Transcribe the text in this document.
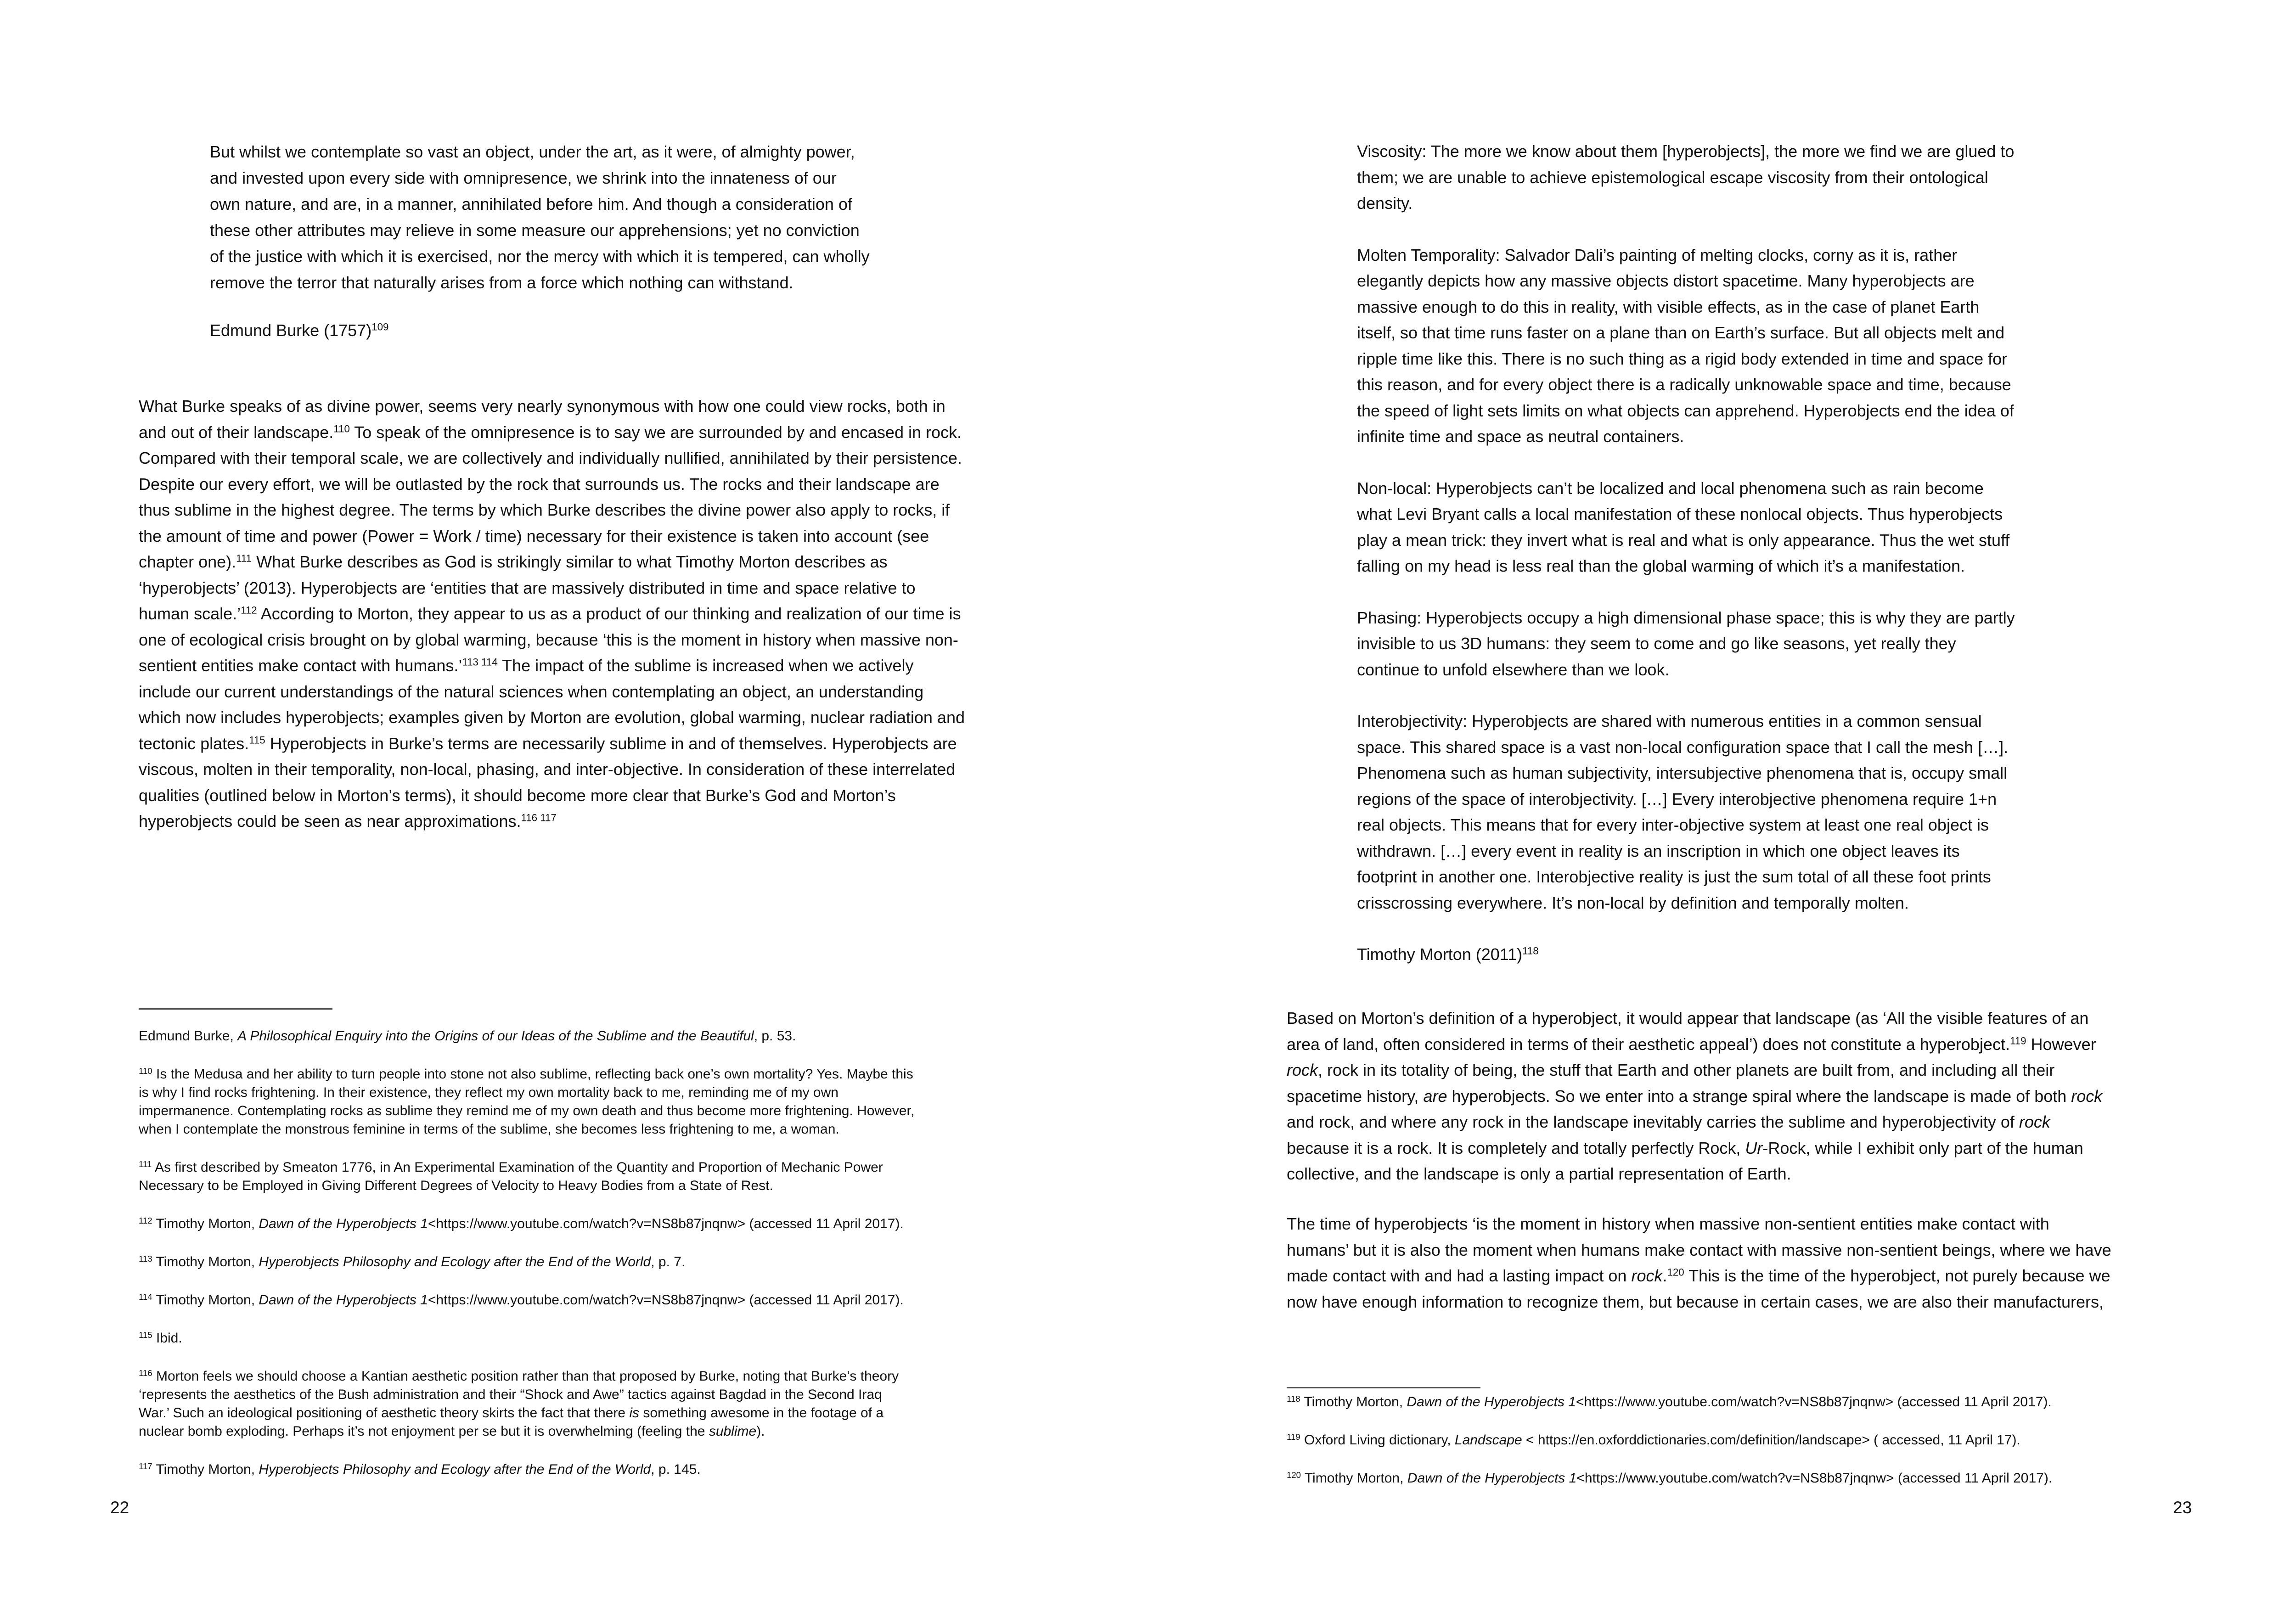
But whilst we contemplate so vast an object, under the art, as it were, of almighty power,
and invested upon every side with omnipresence, we shrink into the innateness of our
own nature, and are, in a manner, annihilated before him. And though a consideration of
these other attributes may relieve in some measure our apprehensions; yet no conviction
of the justice with which it is exercised, nor the mercy with which it is tempered, can wholly
remove the terror that naturally arises from a force which nothing can withstand.
Edmund Burke $(1757)^{109}$
What Burke speaks of as divine power, seems very nearly synonymous with how one could view rocks, both in
and out of their landscape.$^{110}$ To speak of the omnipresence is to say we are surrounded by and encased in rock.
Compared with their temporal scale, we are collectively and individually nullified, annihilated by their persistence.
Despite our every effort, we will be outlasted by the rock that surrounds us. The rocks and their landscape are
thus sublime in the highest degree. The terms by which Burke describes the divine power also apply to rocks, if
the amount of time and power (Power = Work / time) necessary for their existence is taken into account (see
chapter one).$^{111}$ What Burke describes as God is strikingly similar to what Timothy Morton describes as
‘hyperobjects’ (2013). Hyperobjects are ‘entities that are massively distributed in time and space relative to
human scale.’$^{112}$ According to Morton, they appear to us as a product of our thinking and realization of our time is
one of ecological crisis brought on by global warming, because ‘this is the moment in history when massive non-
sentient entities make contact with humans.’$^{113 114}$ The impact of the sublime is increased when we actively
include our current understandings of the natural sciences when contemplating an object, an understanding
which now includes hyperobjects; examples given by Morton are evolution, global warming, nuclear radiation and
tectonic plates.$^{115}$ Hyperobjects in Burke’s terms are necessarily sublime in and of themselves. Hyperobjects are
viscous, molten in their temporality, non-local, phasing, and inter-objective. In consideration of these interrelated
qualities (outlined below in Morton’s terms), it should become more clear that Burke’s God and Morton’s
hyperobjects could be seen as near approximations.$^{116 117}$

Edmund Burke, A Philosophical Enquiry into the Origins of our Ideas of the Sublime and the Beautiful, p. 53.

$^{110}$ Is the Medusa and her ability to turn people into stone not also sublime, reflecting back one’s own mortality? Yes. Maybe this
is why I find rocks frightening. In their existence, they reflect my own mortality back to me, reminding me of my own
impermanence. Contemplating rocks as sublime they remind me of my own death and thus become more frightening. However,
when I contemplate the monstrous feminine in terms of the sublime, she becomes less frightening to me, a woman.

$^{111}$ As first described by Smeaton 1776, in An Experimental Examination of the Quantity and Proportion of Mechanic Power
Necessary to be Employed in Giving Different Degrees of Velocity to Heavy Bodies from a State of Rest.

$^{112}$ Timothy Morton, Dawn of the Hyperobjects 1<https://www.youtube.com/watch?v=NS8b87jnqnw> (accessed 11 April 2017).

$^{113}$ Timothy Morton, Hyperobjects Philosophy and Ecology after the End of the World, p. 7.

$^{114}$ Timothy Morton, Dawn of the Hyperobjects 1<https://www.youtube.com/watch?v=NS8b87jnqnw> (accessed 11 April 2017).

$^{115}$ Ibid.

$^{116}$ Morton feels we should choose a Kantian aesthetic position rather than that proposed by Burke, noting that Burke’s theory
‘represents the aesthetics of the Bush administration and their “Shock and Awe” tactics against Bagdad in the Second Iraq
War.’ Such an ideological positioning of aesthetic theory skirts the fact that there is something awesome in the footage of a
nuclear bomb exploding. Perhaps it’s not enjoyment per se but it is overwhelming (feeling the sublime).

$^{117}$ Timothy Morton, Hyperobjects Philosophy and Ecology after the End of the World, p. 145.

22
Viscosity: The more we know about them [hyperobjects], the more we find we are glued to
them; we are unable to achieve epistemological escape viscosity from their ontological
density.
Molten Temporality: Salvador Dali’s painting of melting clocks, corny as it is, rather
elegantly depicts how any massive objects distort spacetime. Many hyperobjects are
massive enough to do this in reality, with visible effects, as in the case of planet Earth
itself, so that time runs faster on a plane than on Earth’s surface. But all objects melt and
ripple time like this. There is no such thing as a rigid body extended in time and space for
this reason, and for every object there is a radically unknowable space and time, because
the speed of light sets limits on what objects can apprehend. Hyperobjects end the idea of
infinite time and space as neutral containers.
Non-local: Hyperobjects can’t be localized and local phenomena such as rain become
what Levi Bryant calls a local manifestation of these nonlocal objects. Thus hyperobjects
play a mean trick: they invert what is real and what is only appearance. Thus the wet stuff
falling on my head is less real than the global warming of which it’s a manifestation.
Phasing: Hyperobjects occupy a high dimensional phase space; this is why they are partly
invisible to us 3D humans: they seem to come and go like seasons, yet really they
continue to unfold elsewhere than we look.
Interobjectivity: Hyperobjects are shared with numerous entities in a common sensual
space. This shared space is a vast non-local configuration space that I call the mesh […].
Phenomena such as human subjectivity, intersubjective phenomena that is, occupy small
regions of the space of interobjectivity. […] Every interobjective phenomena require 1+n
real objects. This means that for every inter-objective system at least one real object is
withdrawn. […] every event in reality is an inscription in which one object leaves its
footprint in another one. Interobjective reality is just the sum total of all these foot prints
crisscrossing everywhere. It’s non-local by definition and temporally molten.
Timothy Morton $(2011)^{118}$
Based on Morton’s definition of a hyperobject, it would appear that landscape (as ‘All the visible features of an
area of land, often considered in terms of their aesthetic appeal’) does not constitute a hyperobject.$^{119}$ However
rock, rock in its totality of being, the stuff that Earth and other planets are built from, and including all their
spacetime history, are hyperobjects. So we enter into a strange spiral where the landscape is made of both rock
and rock, and where any rock in the landscape inevitably carries the sublime and hyperobjectivity of rock
because it is a rock. It is completely and totally perfectly Rock, Ur-Rock, while I exhibit only part of the human
collective, and the landscape is only a partial representation of Earth.
The time of hyperobjects ‘is the moment in history when massive non-sentient entities make contact with
humans’ but it is also the moment when humans make contact with massive non-sentient beings, where we have
made contact with and had a lasting impact on rock.$^{120}$ This is the time of the hyperobject, not purely because we
now have enough information to recognize them, but because in certain cases, we are also their manufacturers,

$^{118}$ Timothy Morton, Dawn of the Hyperobjects 1<https://www.youtube.com/watch?v=NS8b87jnqnw> (accessed 11 April 2017).

$^{119}$ Oxford Living dictionary, Landscape < https://en.oxforddictionaries.com/definition/landscape> ( accessed, 11 April 17).

$^{120}$ Timothy Morton, Dawn of the Hyperobjects 1<https://www.youtube.com/watch?v=NS8b87jnqnw> (accessed 11 April 2017).

23
